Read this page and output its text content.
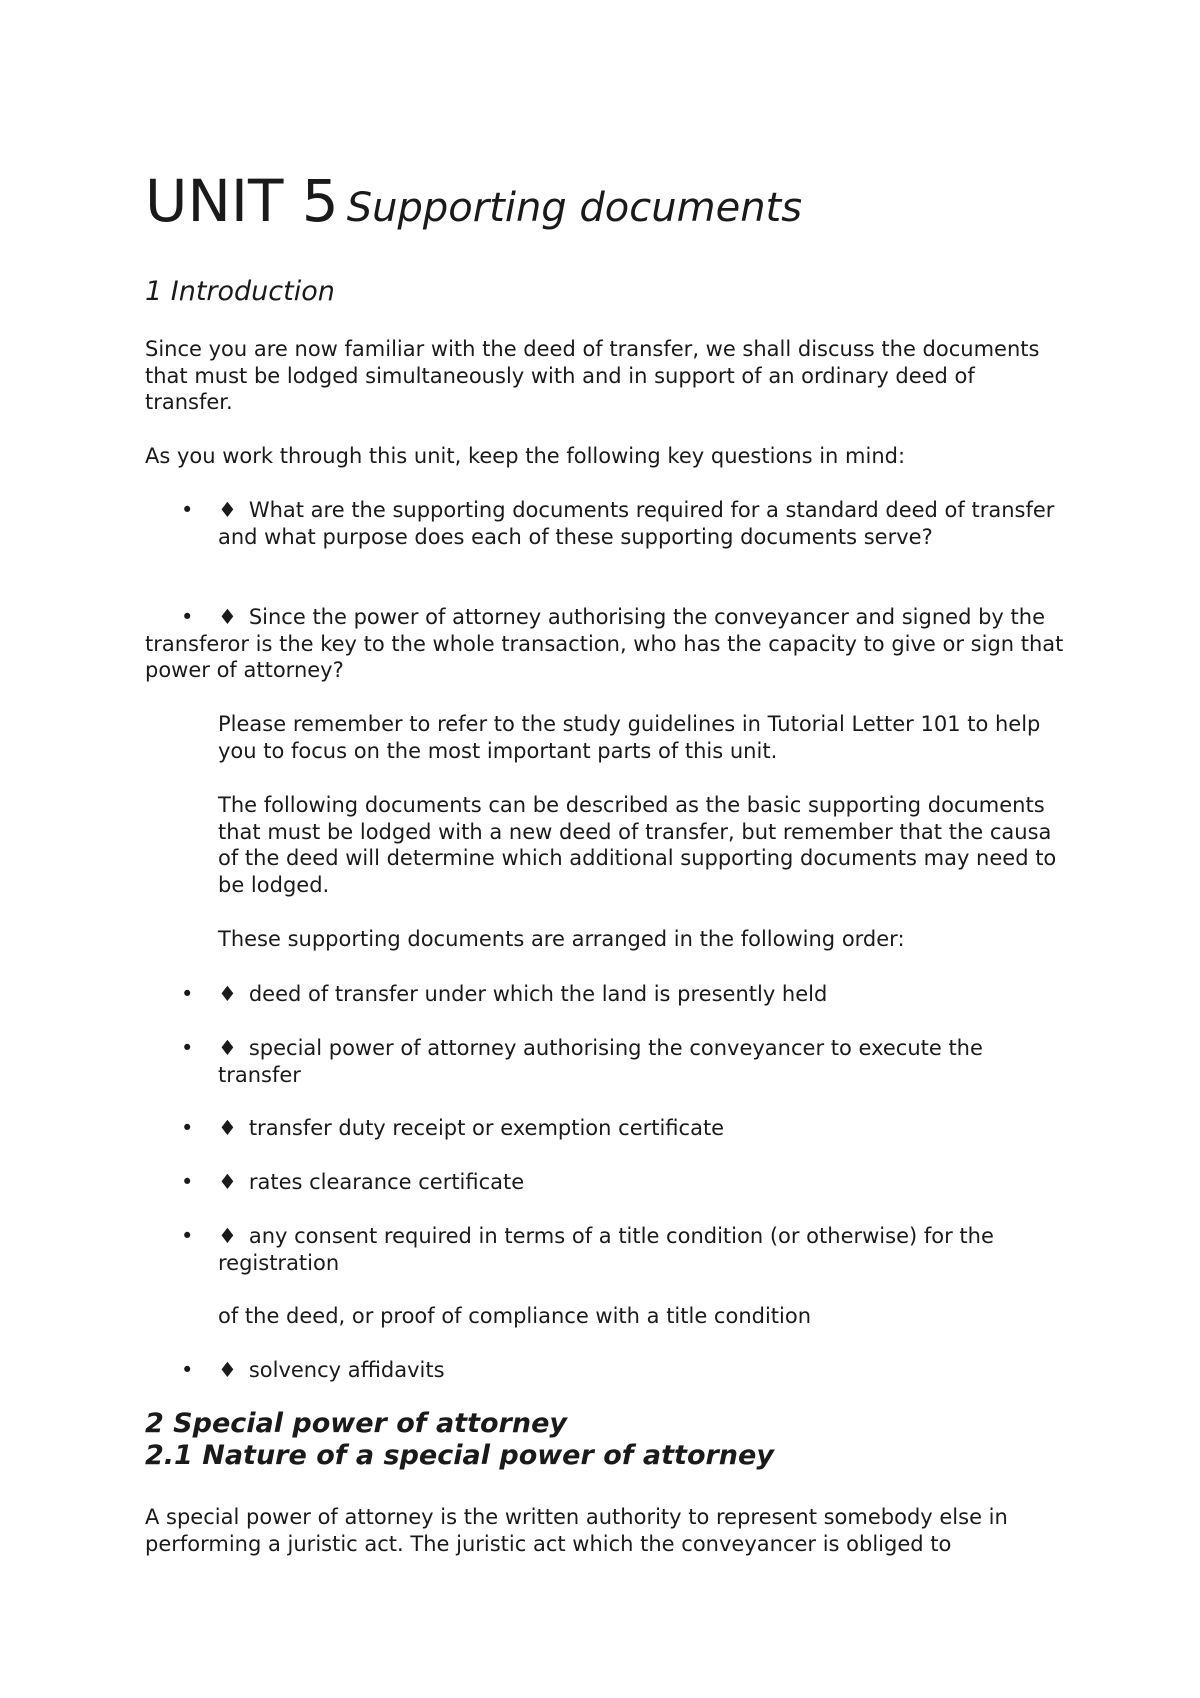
UNIT 5 Supporting documents
1 Introduction
Since you are now familiar with the deed of transfer, we shall discuss the documents that must be lodged simultaneously with and in support of an ordinary deed of transfer.
As you work through this unit, keep the following key questions in mind:
• ♦ What are the supporting documents required for a standard deed of transfer and what purpose does each of these supporting documents serve?
•	♦ Since the power of attorney authorising the conveyancer and signed by the transferor is the key to the whole transaction, who has the capacity to give or sign that power of attorney?
Please remember to refer to the study guidelines in Tutorial Letter 101 to help you to focus on the most important parts of this unit.
The following documents can be described as the basic supporting documents that must be lodged with a new deed of transfer, but remember that the causa of the deed will determine which additional supporting documents may need to be lodged.
These supporting documents are arranged in the following order:
• ♦ deed of transfer under which the land is presently held
• ♦ special power of attorney authorising the conveyancer to execute the transfer
• ♦ transfer duty receipt or exemption certificate
• ♦ rates clearance certificate
• ♦ any consent required in terms of a title condition (or otherwise) for the registration
of the deed, or proof of compliance with a title condition
• ♦ solvency affidavits
2 Special power of attorney
2.1 Nature of a special power of attorney
A special power of attorney is the written authority to represent somebody else in performing a juristic act. The juristic act which the conveyancer is obliged to
